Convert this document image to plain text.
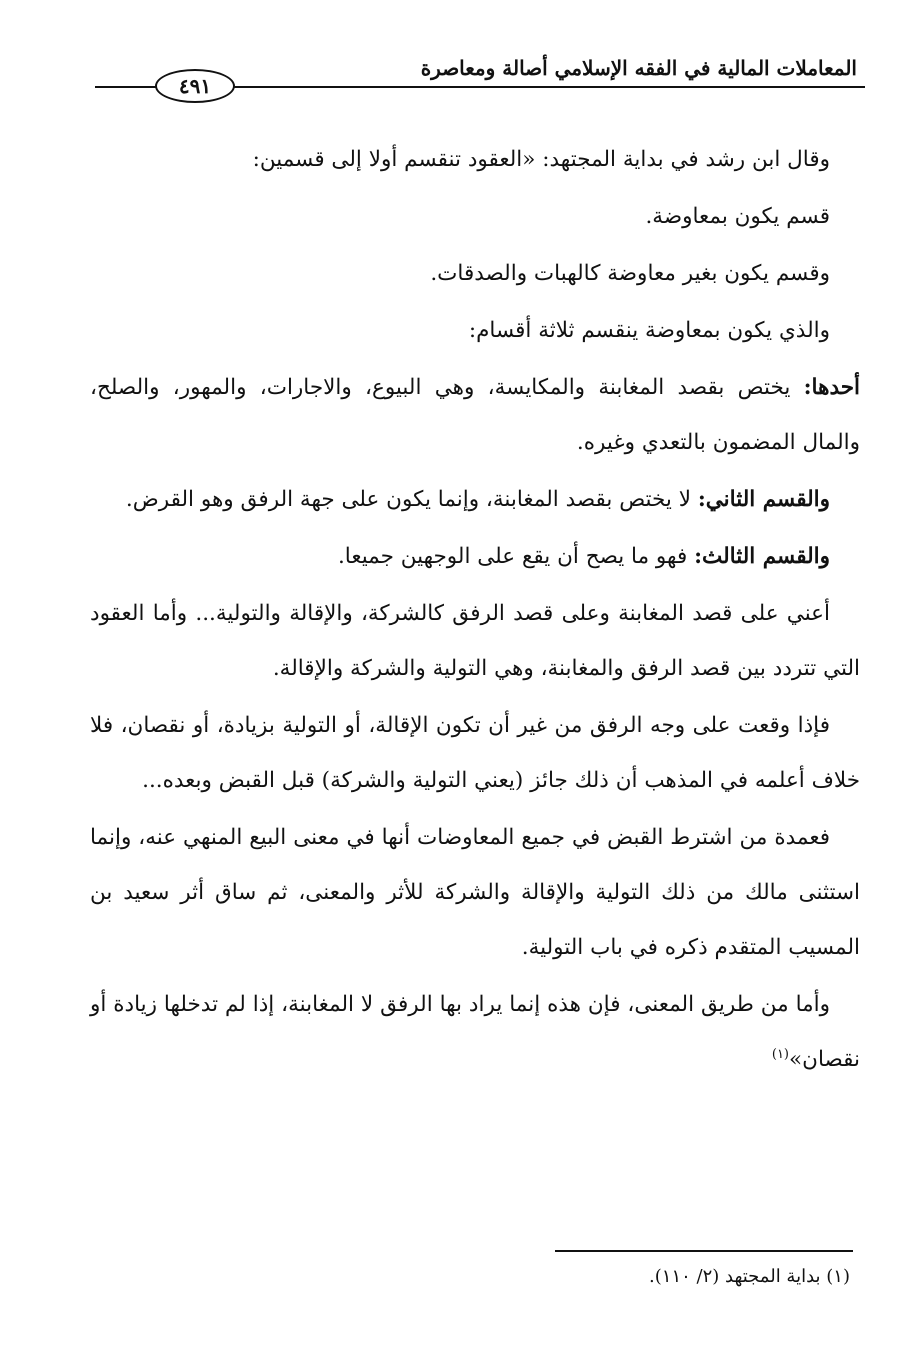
المعاملات المالية في الفقه الإسلامي أصالة ومعاصرة
٤٩١

وقال ابن رشد في بداية المجتهد: «العقود تنقسم أولا إلى قسمين:

قسم يكون بمعاوضة.

وقسم يكون بغير معاوضة كالهبات والصدقات.

والذي يكون بمعاوضة ينقسم ثلاثة أقسام:

أحدها: يختص بقصد المغابنة والمكايسة، وهي البيوع، والاجارات، والمهور، والصلح، والمال المضمون بالتعدي وغيره.

والقسم الثاني: لا يختص بقصد المغابنة، وإنما يكون على جهة الرفق وهو القرض.

والقسم الثالث: فهو ما يصح أن يقع على الوجهين جميعا.

أعني على قصد المغابنة وعلى قصد الرفق كالشركة، والإقالة والتولية... وأما العقود التي تتردد بين قصد الرفق والمغابنة، وهي التولية والشركة والإقالة.

فإذا وقعت على وجه الرفق من غير أن تكون الإقالة، أو التولية بزيادة، أو نقصان، فلا خلاف أعلمه في المذهب أن ذلك جائز (يعني التولية والشركة) قبل القبض وبعده...

فعمدة من اشترط القبض في جميع المعاوضات أنها في معنى البيع المنهي عنه، وإنما استثنى مالك من ذلك التولية والإقالة والشركة للأثر والمعنى، ثم ساق أثر سعيد بن المسيب المتقدم ذكره في باب التولية.

وأما من طريق المعنى، فإن هذه إنما يراد بها الرفق لا المغابنة، إذا لم تدخلها زيادة أو نقصان»$^{(١)}$

(١) بداية المجتهد (٢/ ١١٠).
